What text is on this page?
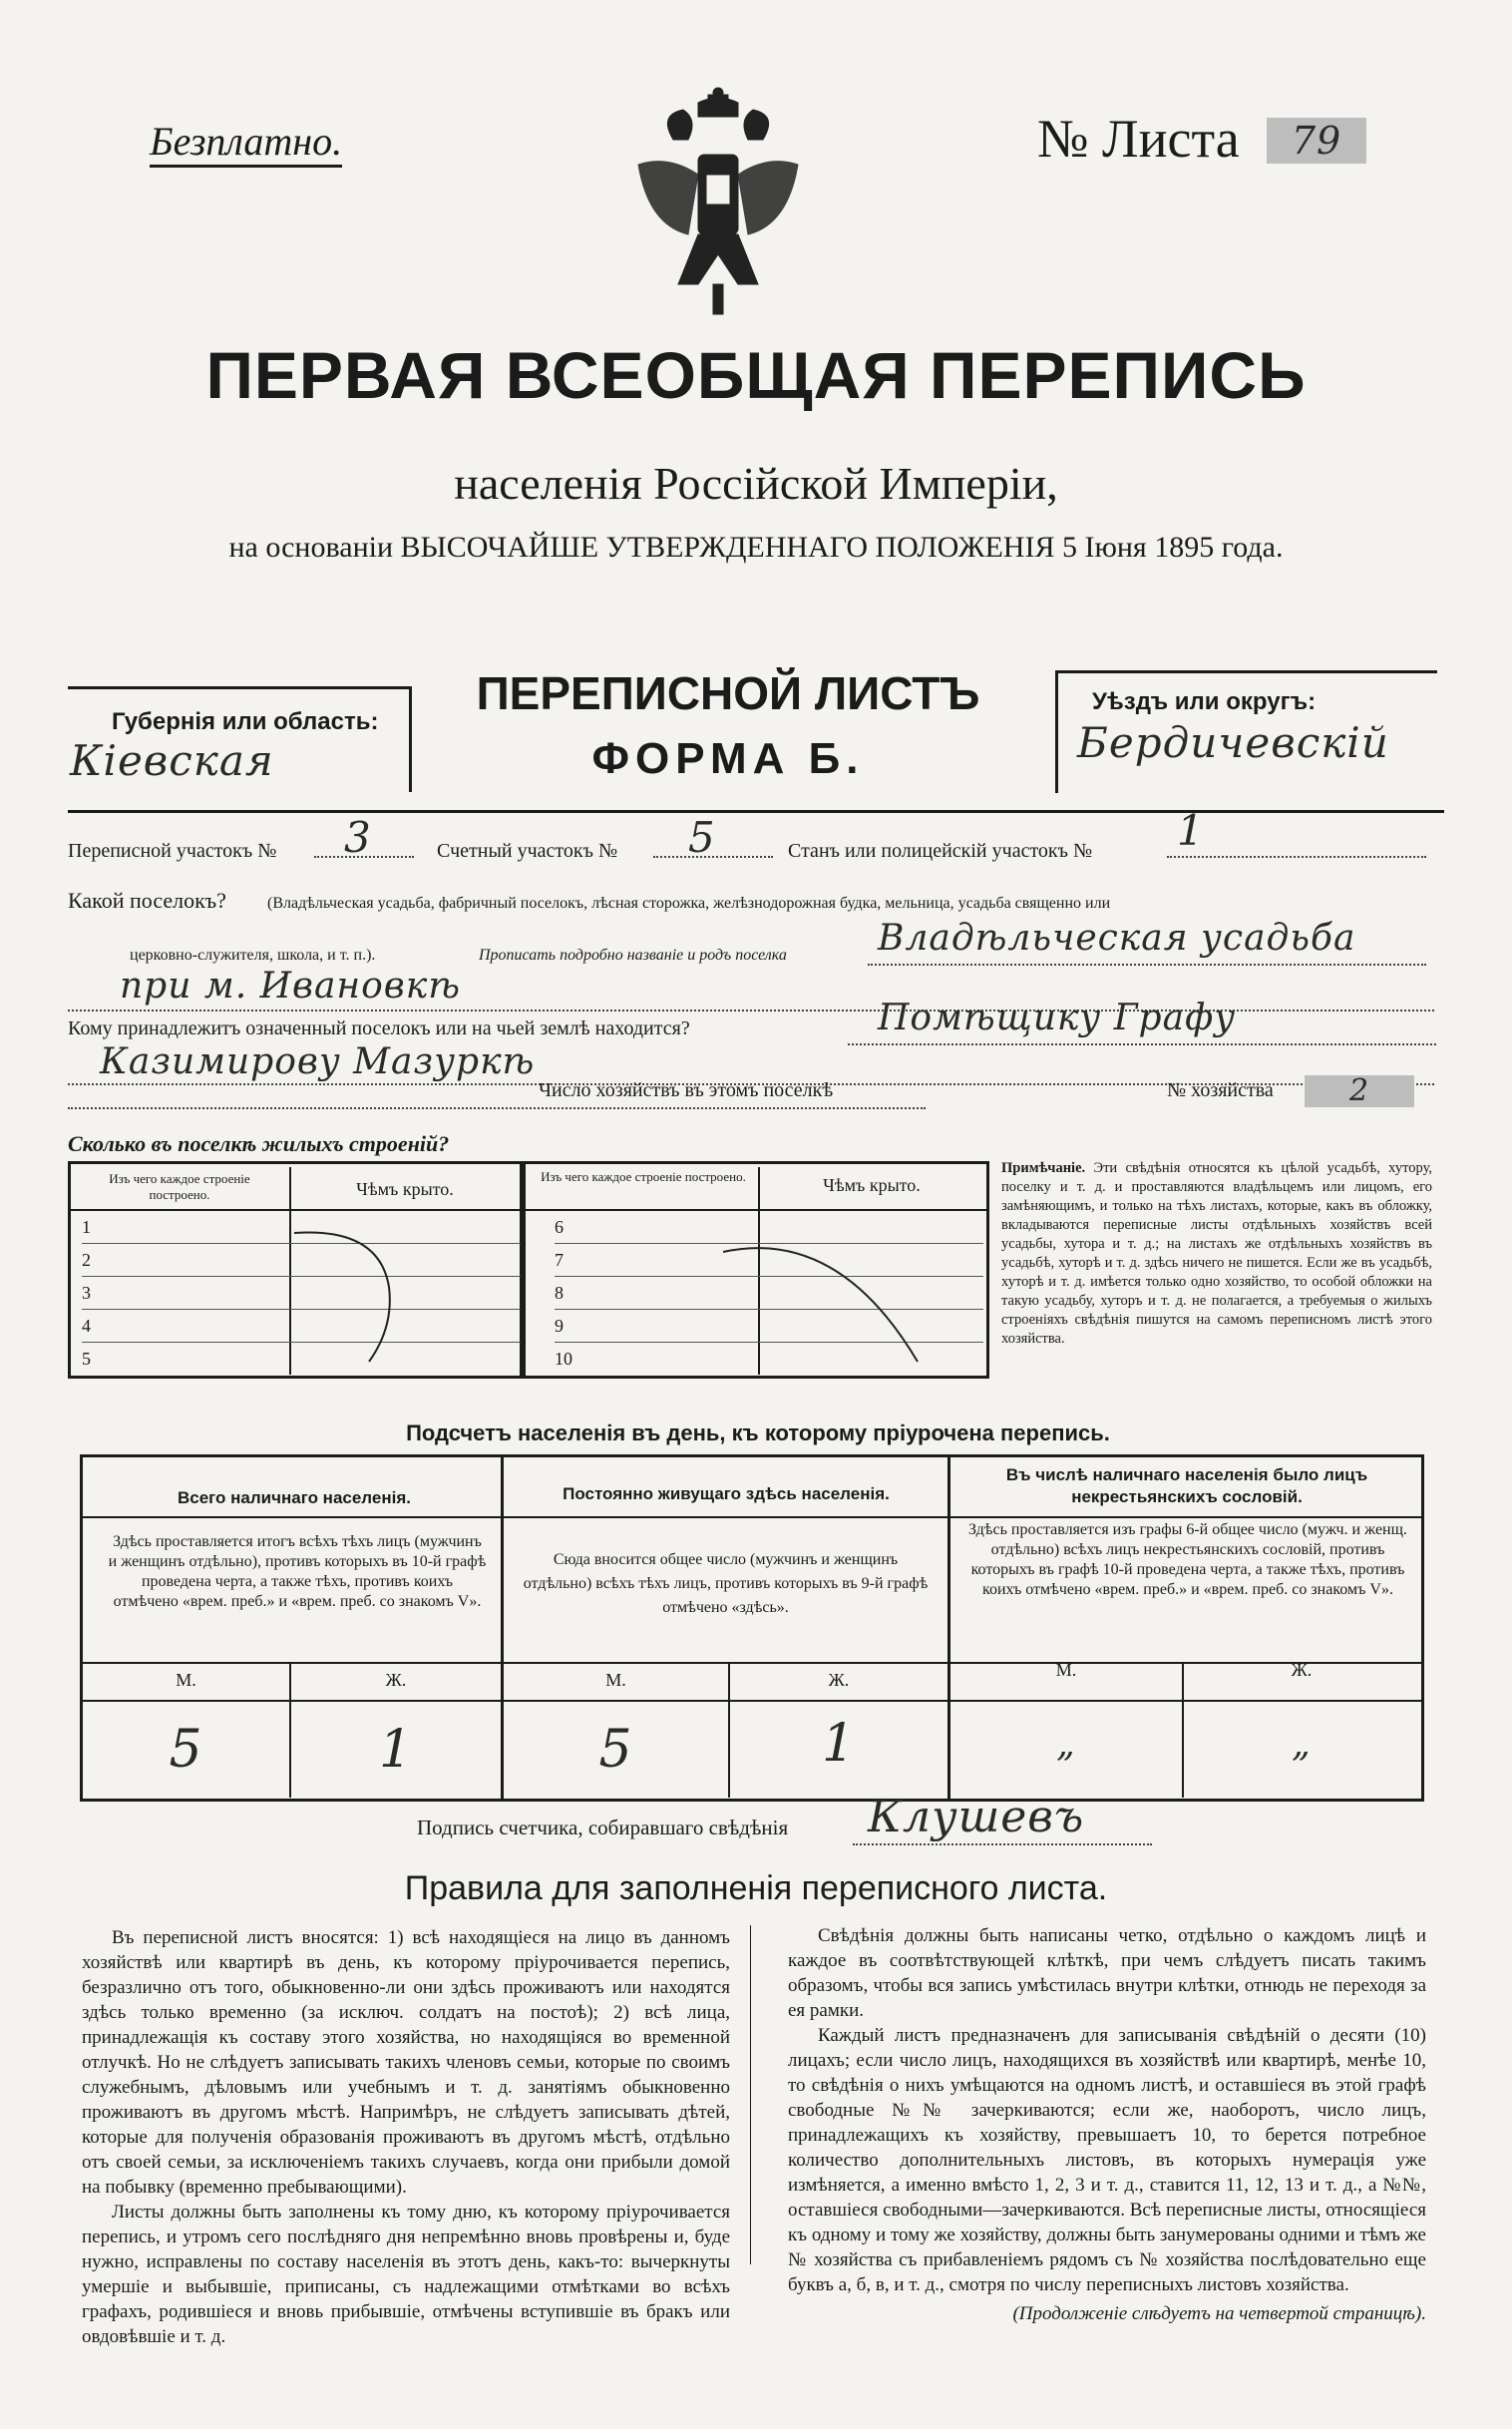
Безплатно.	№ Листа	79
ПЕРВАЯ ВСЕОБЩАЯ ПЕРЕПИСЬ
населенія Россійской Имперіи,
на основаніи ВЫСОЧАЙШЕ УТВЕРЖДЕННАГО ПОЛОЖЕНІЯ 5 Іюня 1895 года.
Губернія или область:
Кіевская
ПЕРЕПИСНОЙ ЛИСТЪ
ФОРМА Б.
Уѣздъ или округъ:
Бердичевскій
Переписной участокъ № 3	Счетный участокъ № 5	Станъ или полицейскій участокъ № 1
Какой поселокъ?	(Владѣльческая усадьба, фабричный поселокъ, лѣсная сторожка, желѣзнодорожная будка, мельница, усадьба священно или
церковно-служителя, школа, и т. п.).	Прописать подробно названіе и родъ поселка	Владѣльческая усадьба
при м. Ивановкѣ
Кому принадлежитъ означенный поселокъ или на чьей землѣ находится?	Помѣщику Графу
Казимирову Мазуркѣ
Число хозяйствъ въ этомъ поселкѣ	№ хозяйства	2
Сколько въ поселкѣ жилыхъ строеній?
Изъ чего каждое строеніе построено.	Чѣмъ крыто.
Изъ чего каждое строеніе построено.	Чѣмъ крыто.
1
2
3
4
5
6
7
8
9
10
Примѣчаніе. Эти свѣдѣнія относятся къ цѣлой усадьбѣ, хутору, поселку и т. д. и проставляются владѣльцемъ или лицомъ, его замѣняющимъ, и только на тѣхъ листахъ, которые, какъ въ обложку, вкладываются переписные листы отдѣльныхъ хозяйствъ всей усадьбы, хутора и т. д.; на листахъ же отдѣльныхъ хозяйствъ въ усадьбѣ, хуторѣ и т. д. здѣсь ничего не пишется. Если же въ усадьбѣ, хуторѣ и т. д. имѣется только одно хозяйство, то особой обложки на такую усадьбу, хуторъ и т. д. не полагается, а требуемыя о жилыхъ строеніяхъ свѣдѣнія пишутся на самомъ переписномъ листѣ этого хозяйства.
Подсчетъ населенія въ день, къ которому пріурочена перепись.
Всего наличнаго населенія.
Здѣсь проставляется итогъ всѣхъ тѣхъ лицъ (мужчинъ и женщинъ отдѣльно), противъ которыхъ въ 10-й графѣ проведена черта, а также тѣхъ, противъ коихъ отмѣчено «врем. преб.» и «врем. преб. со знакомъ V».
Постоянно живущаго здѣсь населенія.
Сюда вносится общее число (мужчинъ и женщинъ отдѣльно) всѣхъ тѣхъ лицъ, противъ которыхъ въ 9-й графѣ отмѣчено «здѣсь».
Въ числѣ наличнаго населенія было лицъ некрестьянскихъ сословій.
Здѣсь проставляется изъ графы 6-й общее число (мужч. и женщ. отдѣльно) всѣхъ лицъ некрестьянскихъ сословій, противъ которыхъ въ графѣ 10-й проведена черта, а также тѣхъ, противъ коихъ отмѣчено «врем. преб.» и «врем. преб. со знакомъ V».
М.	Ж.	М.	Ж.	М.	Ж.
5	1	5	1	„	„
Подпись счетчика, собиравшаго свѣдѣнія Клушевъ
Правила для заполненія переписного листа.

Въ переписной листъ вносятся: 1) всѣ находящіеся на лицо въ данномъ хозяйствѣ или квартирѣ въ день, къ которому пріурочивается перепись, безразлично отъ того, обыкновенно-ли они здѣсь проживаютъ или находятся здѣсь только временно (за исключ. солдатъ на постоѣ); 2) всѣ лица, принадлежащія къ составу этого хозяйства, но находящіяся во временной отлучкѣ. Но не слѣдуетъ записывать такихъ членовъ семьи, которые по своимъ служебнымъ, дѣловымъ или учебнымъ и т. д. занятіямъ обыкновенно проживаютъ въ другомъ мѣстѣ. Напримѣръ, не слѣдуетъ записывать дѣтей, которые для полученія образованія проживаютъ въ другомъ мѣстѣ, отдѣльно отъ своей семьи, за исключеніемъ такихъ случаевъ, когда они прибыли домой на побывку (временно пребывающими).

Листы должны быть заполнены къ тому дню, къ которому пріурочивается перепись, и утромъ сего послѣдняго дня непремѣнно вновь провѣрены и, буде нужно, исправлены по составу населенія въ этотъ день, какъ-то: вычеркнуты умершіе и выбывшіе, приписаны, съ надлежащими отмѣтками во всѣхъ графахъ, родившіеся и вновь прибывшіе, отмѣчены вступившіе въ бракъ или овдовѣвшіе и т. д.

Свѣдѣнія должны быть написаны четко, отдѣльно о каждомъ лицѣ и каждое въ соотвѣтствующей клѣткѣ, при чемъ слѣдуетъ писать такимъ образомъ, чтобы вся запись умѣстилась внутри клѣтки, отнюдь не переходя за ея рамки.

Каждый листъ предназначенъ для записыванія свѣдѣній о десяти (10) лицахъ; если число лицъ, находящихся въ хозяйствѣ или квартирѣ, менѣе 10, то свѣдѣнія о нихъ умѣщаются на одномъ листѣ, и оставшіеся въ этой графѣ свободные №№ зачеркиваются; если же, наоборотъ, число лицъ, принадлежащихъ къ хозяйству, превышаетъ 10, то берется потребное количество дополнительныхъ листовъ, въ которыхъ нумерація уже измѣняется, а именно вмѣсто 1, 2, 3 и т. д., ставится 11, 12, 13 и т. д., а №№, оставшіеся свободными—зачеркиваются. Всѣ переписные листы, относящіеся къ одному и тому же хозяйству, должны быть занумерованы одними и тѣмъ же № хозяйства съ прибавленіемъ рядомъ съ № хозяйства послѣдовательно еще буквъ а, б, в, и т. д., смотря по числу переписныхъ листовъ хозяйства.

(Продолженіе слѣдуетъ на четвертой страницѣ).
